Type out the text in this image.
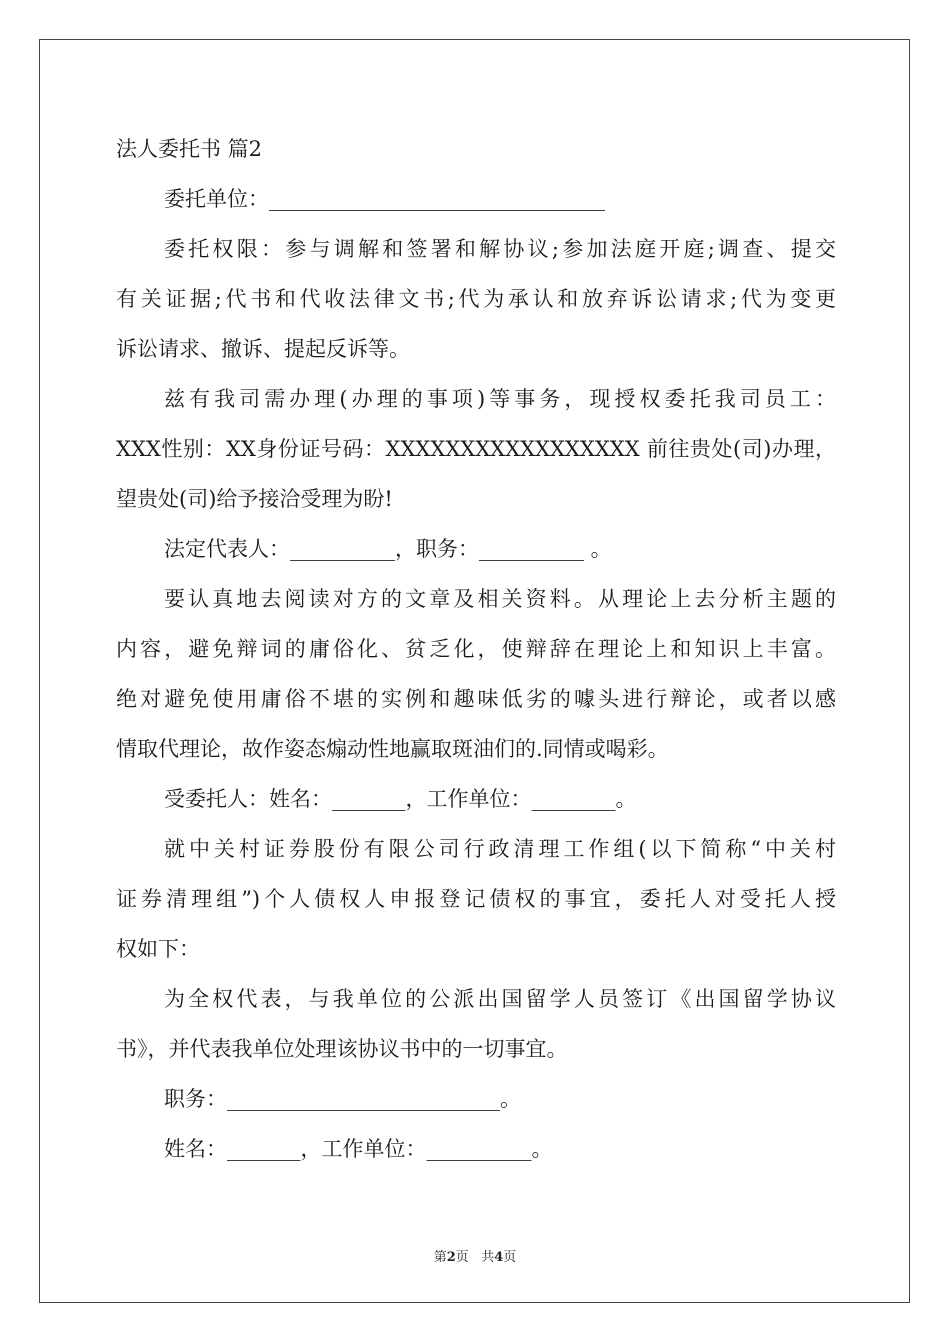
法人委托书 篇2
委托单位：________________________________
委托权限：参与调解和签署和解协议;参加法庭开庭;调查、提交
有关证据;代书和代收法律文书;代为承认和放弃诉讼请求;代为变更
诉讼请求、撤诉、提起反诉等。
兹有我司需办理(办理的事项)等事务，现授权委托我司员工：
XXX性别：XX身份证号码：XXXXXXXXXXXXXXXXX 前往贵处(司)办理，
望贵处(司)给予接洽受理为盼!
法定代表人：__________，职务：__________ 。
要认真地去阅读对方的文章及相关资料。从理论上去分析主题的
内容，避免辩词的庸俗化、贫乏化，使辩辞在理论上和知识上丰富。
绝对避免使用庸俗不堪的实例和趣味低劣的噱头进行辩论，或者以感
情取代理论，故作姿态煽动性地赢取斑油们的.同情或喝彩。
受委托人：姓名：_______，工作单位：________。
就中关村证券股份有限公司行政清理工作组(以下简称“中关村
证券清理组”)个人债权人申报登记债权的事宜，委托人对受托人授
权如下：
为全权代表，与我单位的公派出国留学人员签订《出国留学协议
书》，并代表我单位处理该协议书中的一切事宜。
职务：__________________________。
姓名：_______，工作单位：__________。
第2页 共4页
